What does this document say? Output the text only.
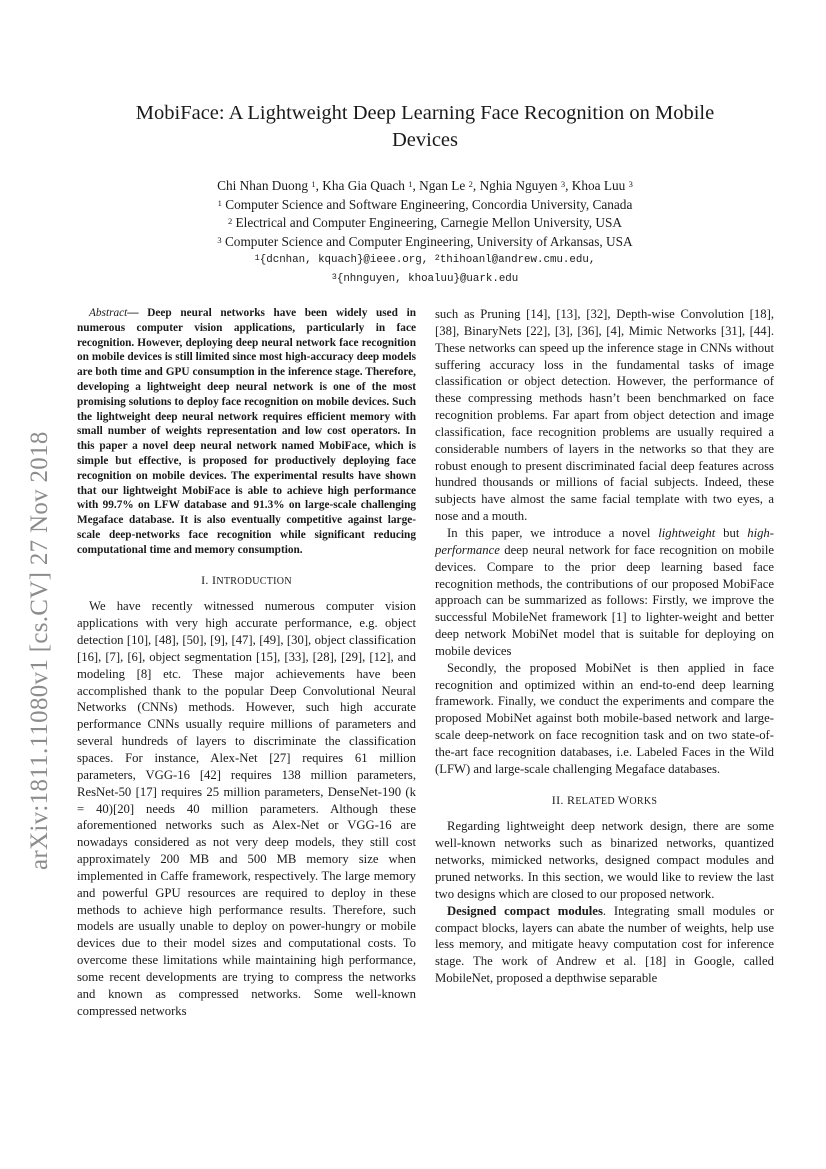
arXiv:1811.11080v1 [cs.CV] 27 Nov 2018
MobiFace: A Lightweight Deep Learning Face Recognition on Mobile
Devices
Chi Nhan Duong $^1$, Kha Gia Quach $^1$, Ngan Le $^2$, Nghia Nguyen $^3$, Khoa Luu $^3$
$^1$ Computer Science and Software Engineering, Concordia University, Canada
$^2$ Electrical and Computer Engineering, Carnegie Mellon University, USA
$^3$ Computer Science and Computer Engineering, University of Arkansas, USA
$^1${dcnhan, kquach}@ieee.org, $^2$thihoanl@andrew.cmu.edu,
$^3${nhnguyen, khoaluu}@uark.edu

Abstract— Deep neural networks have been widely used in numerous computer vision applications, particularly in face recognition. However, deploying deep neural network face recognition on mobile devices is still limited since most high-accuracy deep models are both time and GPU consumption in the inference stage. Therefore, developing a lightweight deep neural network is one of the most promising solutions to deploy face recognition on mobile devices. Such the lightweight deep neural network requires efficient memory with small number of weights representation and low cost operators. In this paper a novel deep neural network named MobiFace, which is simple but effective, is proposed for productively deploying face recognition on mobile devices. The experimental results have shown that our lightweight MobiFace is able to achieve high performance with 99.7% on LFW database and 91.3% on large-scale challenging Megaface database. It is also eventually competitive against large-scale deep-networks face recognition while significant reducing computational time and memory consumption.

I. INTRODUCTION

We have recently witnessed numerous computer vision applications with very high accurate performance, e.g. object detection [10], [48], [50], [9], [47], [49], [30], object classification [16], [7], [6], object segmentation [15], [33], [28], [29], [12], and modeling [8] etc. These major achievements have been accomplished thank to the popular Deep Convolutional Neural Networks (CNNs) methods. However, such high accurate performance CNNs usually require millions of parameters and several hundreds of layers to discriminate the classification spaces. For instance, Alex-Net [27] requires 61 million parameters, VGG-16 [42] requires 138 million parameters, ResNet-50 [17] requires 25 million parameters, DenseNet-190 (k = 40)[20] needs 40 million parameters. Although these aforementioned networks such as Alex-Net or VGG-16 are nowadays considered as not very deep models, they still cost approximately 200 MB and 500 MB memory size when implemented in Caffe framework, respectively. The large memory and powerful GPU resources are required to deploy in these methods to achieve high performance results. Therefore, such models are usually unable to deploy on power-hungry or mobile devices due to their model sizes and computational costs. To overcome these limitations while maintaining high performance, some recent developments are trying to compress the networks and known as compressed networks. Some well-known compressed networks

such as Pruning [14], [13], [32], Depth-wise Convolution [18], [38], BinaryNets [22], [3], [36], [4], Mimic Networks [31], [44]. These networks can speed up the inference stage in CNNs without suffering accuracy loss in the fundamental tasks of image classification or object detection. However, the performance of these compressing methods hasn’t been benchmarked on face recognition problems. Far apart from object detection and image classification, face recognition problems are usually required a considerable numbers of layers in the networks so that they are robust enough to present discriminated facial deep features across hundred thousands or millions of facial subjects. Indeed, these subjects have almost the same facial template with two eyes, a nose and a mouth.

In this paper, we introduce a novel lightweight but high-performance deep neural network for face recognition on mobile devices. Compare to the prior deep learning based face recognition methods, the contributions of our proposed MobiFace approach can be summarized as follows: Firstly, we improve the successful MobileNet framework [1] to lighter-weight and better deep network MobiNet model that is suitable for deploying on mobile devices

Secondly, the proposed MobiNet is then applied in face recognition and optimized within an end-to-end deep learning framework. Finally, we conduct the experiments and compare the proposed MobiNet against both mobile-based network and large-scale deep-network on face recognition task and on two state-of-the-art face recognition databases, i.e. Labeled Faces in the Wild (LFW) and large-scale challenging Megaface databases.

II. RELATED WORKS

Regarding lightweight deep network design, there are some well-known networks such as binarized networks, quantized networks, mimicked networks, designed compact modules and pruned networks. In this section, we would like to review the last two designs which are closed to our proposed network.

Designed compact modules. Integrating small modules or compact blocks, layers can abate the number of weights, help use less memory, and mitigate heavy computation cost for inference stage. The work of Andrew et al. [18] in Google, called MobileNet, proposed a depthwise separable
